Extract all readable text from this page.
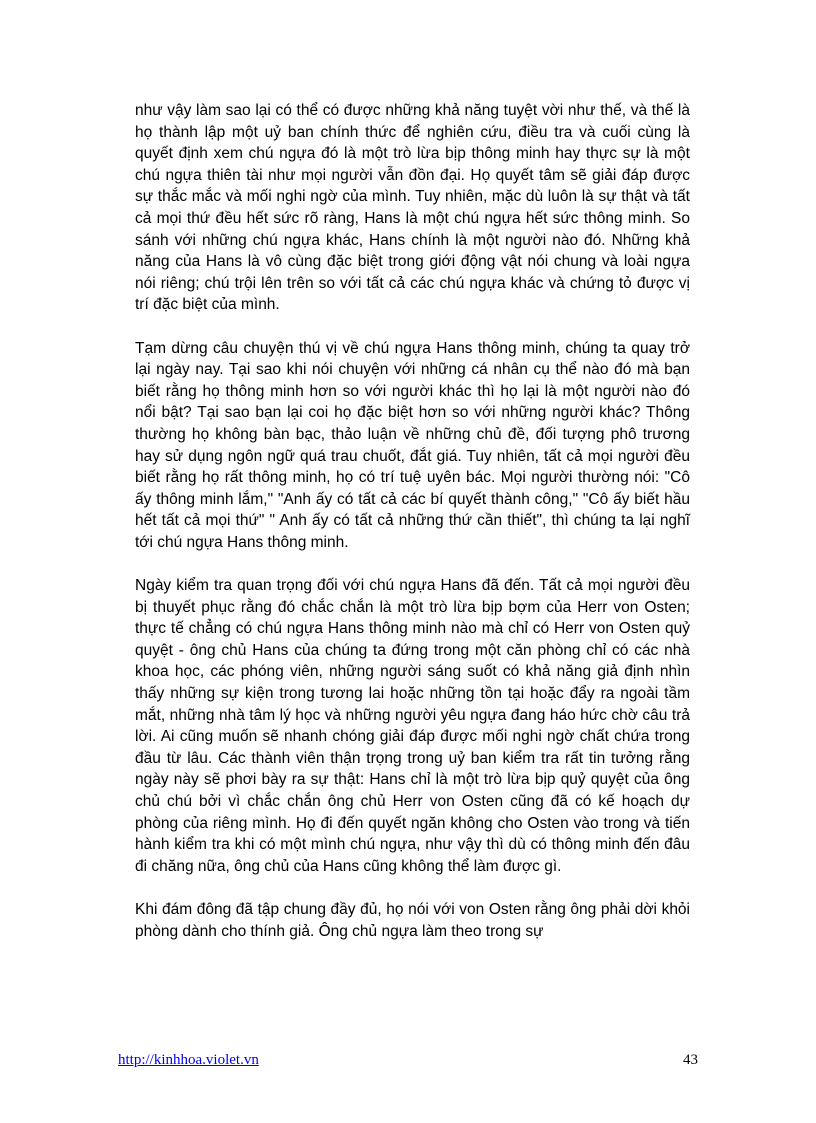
như vậy làm sao lại có thể có được những khả năng tuyệt vời như thế, và thế là họ thành lập một uỷ ban chính thức để nghiên cứu, điều tra và cuối cùng là quyết định xem chú ngựa đó là một trò lừa bịp thông minh hay thực sự là một chú ngựa thiên tài như mọi người vẫn đồn đại. Họ quyết tâm sẽ giải đáp được sự thắc mắc và mối nghi ngờ của mình. Tuy nhiên, mặc dù luôn là sự thật và tất cả mọi thứ đều hết sức rõ ràng, Hans là một chú ngựa hết sức thông minh. So sánh với những chú ngựa khác, Hans chính là một người nào đó. Những khả năng của Hans là vô cùng đặc biệt trong giới động vật nói chung và loài ngựa nói riêng; chú trội lên trên so với tất cả các chú ngựa khác và chứng tỏ được vị trí đặc biệt của mình.

Tạm dừng câu chuyện thú vị về chú ngựa Hans thông minh, chúng ta quay trở lại ngày nay. Tại sao khi nói chuyện với những cá nhân cụ thể nào đó mà bạn biết rằng họ thông minh hơn so với người khác thì họ lại là một người nào đó nổi bật? Tại sao bạn lại coi họ đặc biệt hơn so với những người khác? Thông thường họ không bàn bạc, thảo luận về những chủ đề, đối tượng phô trương hay sử dụng ngôn ngữ quá trau chuốt, đắt giá. Tuy nhiên, tất cả mọi người đều biết rằng họ rất thông minh, họ có trí tuệ uyên bác. Mọi người thường nói: "Cô ấy thông minh lắm," "Anh ấy có tất cả các bí quyết thành công," "Cô ấy biết hầu hết tất cả mọi thứ" " Anh ấy có tất cả những thứ cần thiết", thì chúng ta lại nghĩ tới chú ngựa Hans thông minh.

Ngày kiểm tra quan trọng đối với chú ngựa Hans đã đến. Tất cả mọi người đều bị thuyết phục rằng đó chắc chắn là một trò lừa bịp bợm của Herr von Osten; thực tế chẳng có chú ngựa Hans thông minh nào mà chỉ có Herr von Osten quỷ quyệt - ông chủ Hans của chúng ta đứng trong một căn phòng chỉ có các nhà khoa học, các phóng viên, những người sáng suốt có khả năng giả định nhìn thấy những sự kiện trong tương lai hoặc những tồn tại hoặc đẩy ra ngoài tầm mắt, những nhà tâm lý học và những người yêu ngựa đang háo hức chờ câu trả lời. Ai cũng muốn sẽ nhanh chóng giải đáp được mối nghi ngờ chất chứa trong đầu từ lâu. Các thành viên thận trọng trong uỷ ban kiểm tra rất tin tưởng rằng ngày này sẽ phơi bày ra sự thật: Hans chỉ là một trò lừa bịp quỷ quyệt của ông chủ chú bởi vì chắc chắn ông chủ Herr von Osten cũng đã có kế hoạch dự phòng của riêng mình. Họ đi đến quyết ngăn không cho Osten vào trong và tiến hành kiểm tra khi có một mình chú ngựa, như vậy thì dù có thông minh đến đâu đi chăng nữa, ông chủ của Hans cũng không thể làm được gì.

Khi đám đông đã tập chung đầy đủ, họ nói với von Osten rằng ông phải dời khỏi phòng dành cho thính giả. Ông chủ ngựa làm theo trong sự

http://kinhhoa.violet.vn	43
